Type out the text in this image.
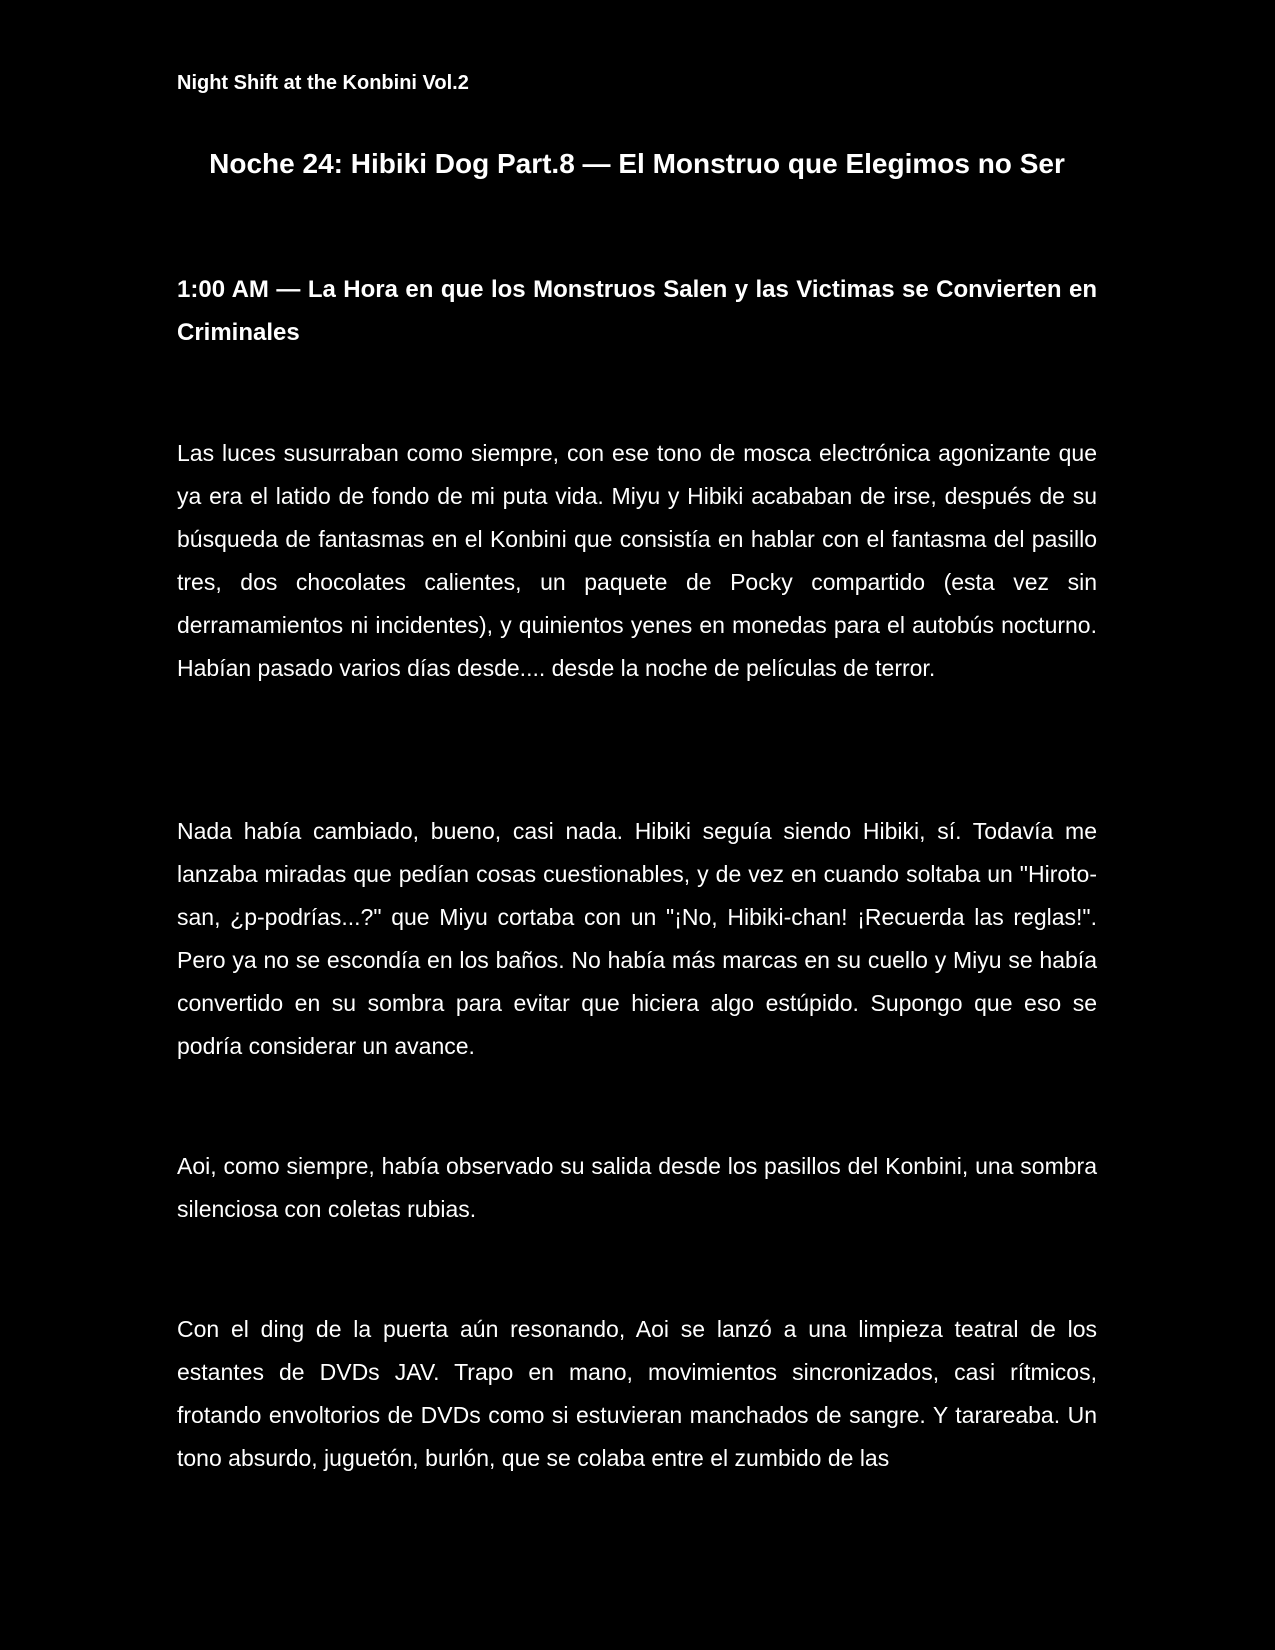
Night Shift at the Konbini Vol.2

Noche 24: Hibiki Dog Part.8 — El Monstruo que Elegimos no Ser
1:00 AM — La Hora en que los Monstruos Salen y las Victimas se Convierten en Criminales

Las luces susurraban como siempre, con ese tono de mosca electrónica agonizante que ya era el latido de fondo de mi puta vida. Miyu y Hibiki acababan de irse, después de su búsqueda de fantasmas en el Konbini que consistía en hablar con el fantasma del pasillo tres, dos chocolates calientes, un paquete de Pocky compartido (esta vez sin derramamientos ni incidentes), y quinientos yenes en monedas para el autobús nocturno. Habían pasado varios días desde.... desde la noche de películas de terror.

Nada había cambiado, bueno, casi nada. Hibiki seguía siendo Hibiki, sí. Todavía me lanzaba miradas que pedían cosas cuestionables, y de vez en cuando soltaba un "Hiroto-san, ¿p-podrías...?" que Miyu cortaba con un "¡No, Hibiki-chan! ¡Recuerda las reglas!". Pero ya no se escondía en los baños. No había más marcas en su cuello y Miyu se había convertido en su sombra para evitar que hiciera algo estúpido. Supongo que eso se podría considerar un avance.

Aoi, como siempre, había observado su salida desde los pasillos del Konbini, una sombra silenciosa con coletas rubias.

Con el ding de la puerta aún resonando, Aoi se lanzó a una limpieza teatral de los estantes de DVDs JAV. Trapo en mano, movimientos sincronizados, casi rítmicos, frotando envoltorios de DVDs como si estuvieran manchados de sangre. Y tarareaba. Un tono absurdo, juguetón, burlón, que se colaba entre el zumbido de las
